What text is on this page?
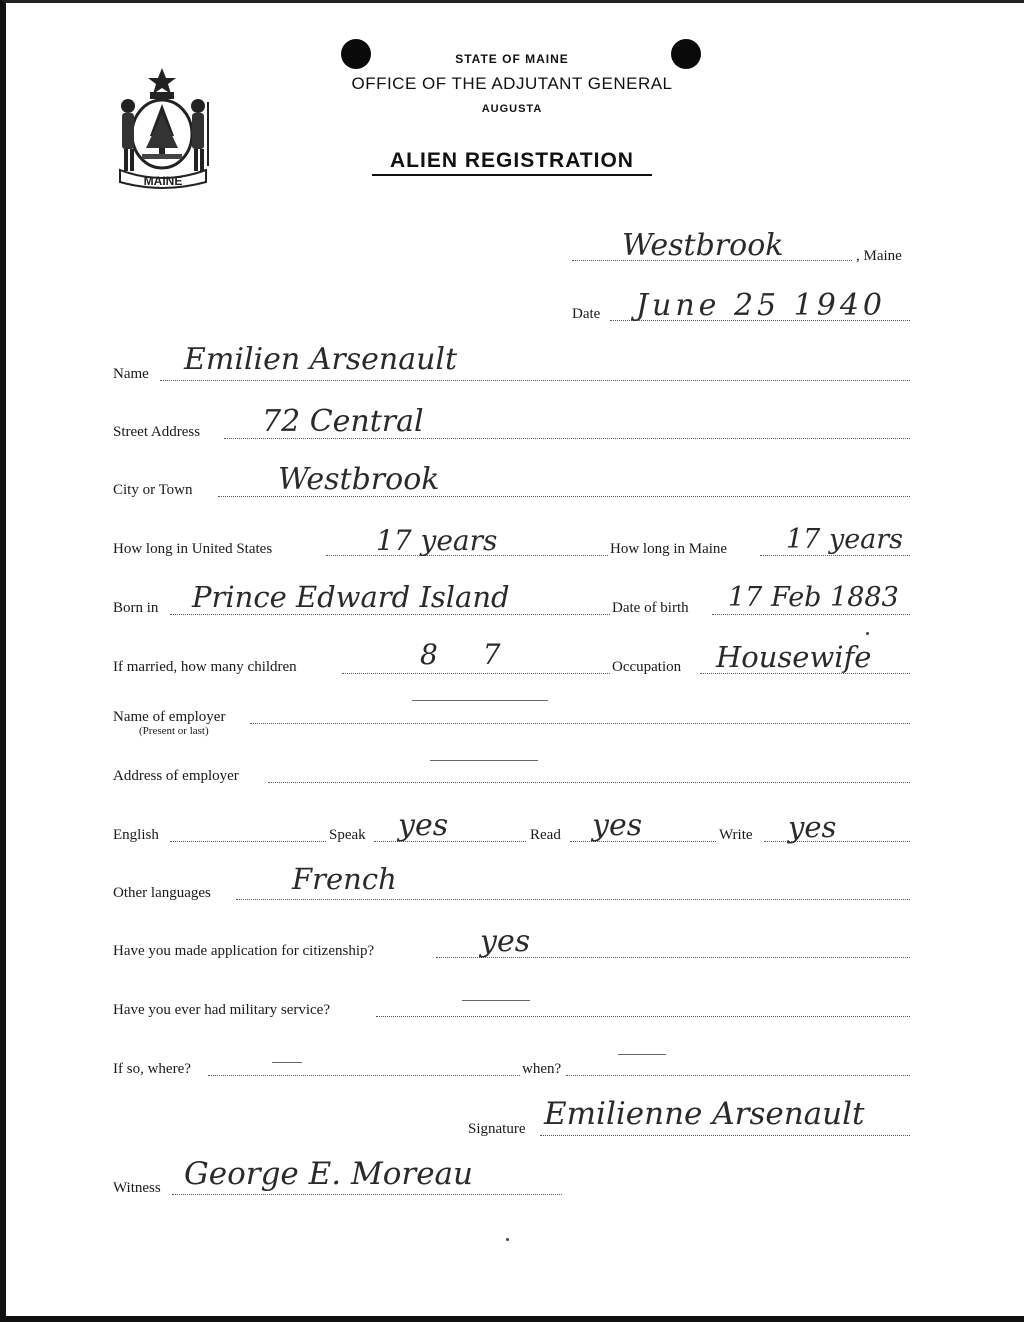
MAINE
STATE OF MAINE
OFFICE OF THE ADJUTANT GENERAL
AUGUSTA
ALIEN REGISTRATION
Westbrook	, Maine
Date June 25 1940
Name Emilien Arsenault
Street Address 72 Central
City or Town	Westbrook
How long in United States	17 years	How long in Maine 17 years
Born in Prince Edward Island	Date of birth 17 Feb 1883
If married, how many children	8 7	Occupation Housewife
Name of employer
(Present or last)
Address of employer
English	Speak yes	Read yes	Write yes
Other languages	French
Have you made application for citizenship?	yes
Have you ever had military service?
If so, where?	when?
Signature Emilienne Arsenault
Witness George E. Moreau
